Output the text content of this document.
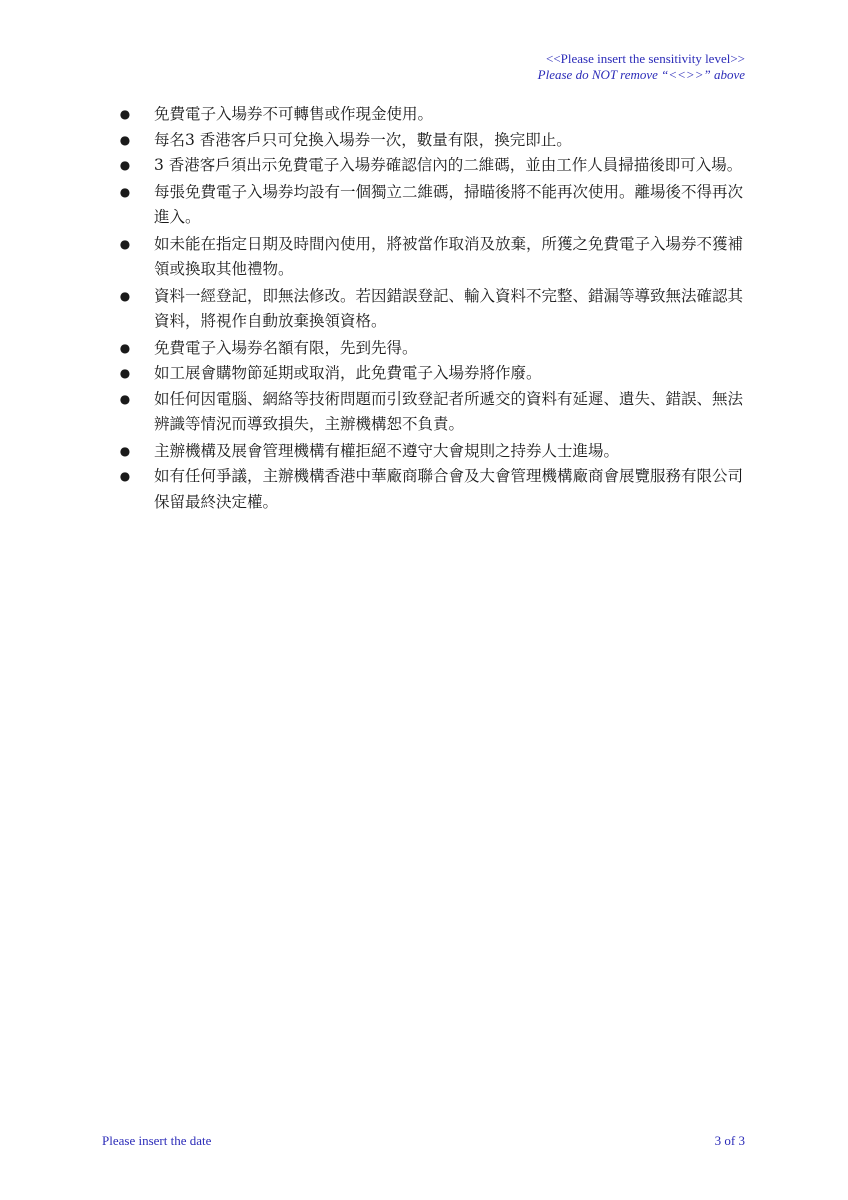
<<Please insert the sensitivity level>>
Please do NOT remove “<<>>” above
● 免費電子入場券不可轉售或作現金使用。
● 每名3 香港客戶只可兌換入場券一次，數量有限，換完即止。
● 3 香港客戶須出示免費電子入場券確認信內的二維碼，並由工作人員掃描後即可入場。
● 每張免費電子入場券均設有一個獨立二維碼，掃瞄後將不能再次使用。離場後不得再次進入。
● 如未能在指定日期及時間內使用，將被當作取消及放棄，所獲之免費電子入場券不獲補領或換取其他禮物。
● 資料一經登記，即無法修改。若因錯誤登記、輸入資料不完整、錯漏等導致無法確認其資料，將視作自動放棄換領資格。
● 免費電子入場券名額有限，先到先得。
● 如工展會購物節延期或取消，此免費電子入場券將作廢。
● 如任何因電腦、網絡等技術問題而引致登記者所遞交的資料有延遲、遺失、錯誤、無法辨識等情況而導致損失，主辦機構恕不負責。
● 主辦機構及展會管理機構有權拒絕不遵守大會規則之持券人士進場。
● 如有任何爭議，主辦機構香港中華廠商聯合會及大會管理機構廠商會展覽服務有限公司保留最終決定權。
Please insert the date	3 of 3
